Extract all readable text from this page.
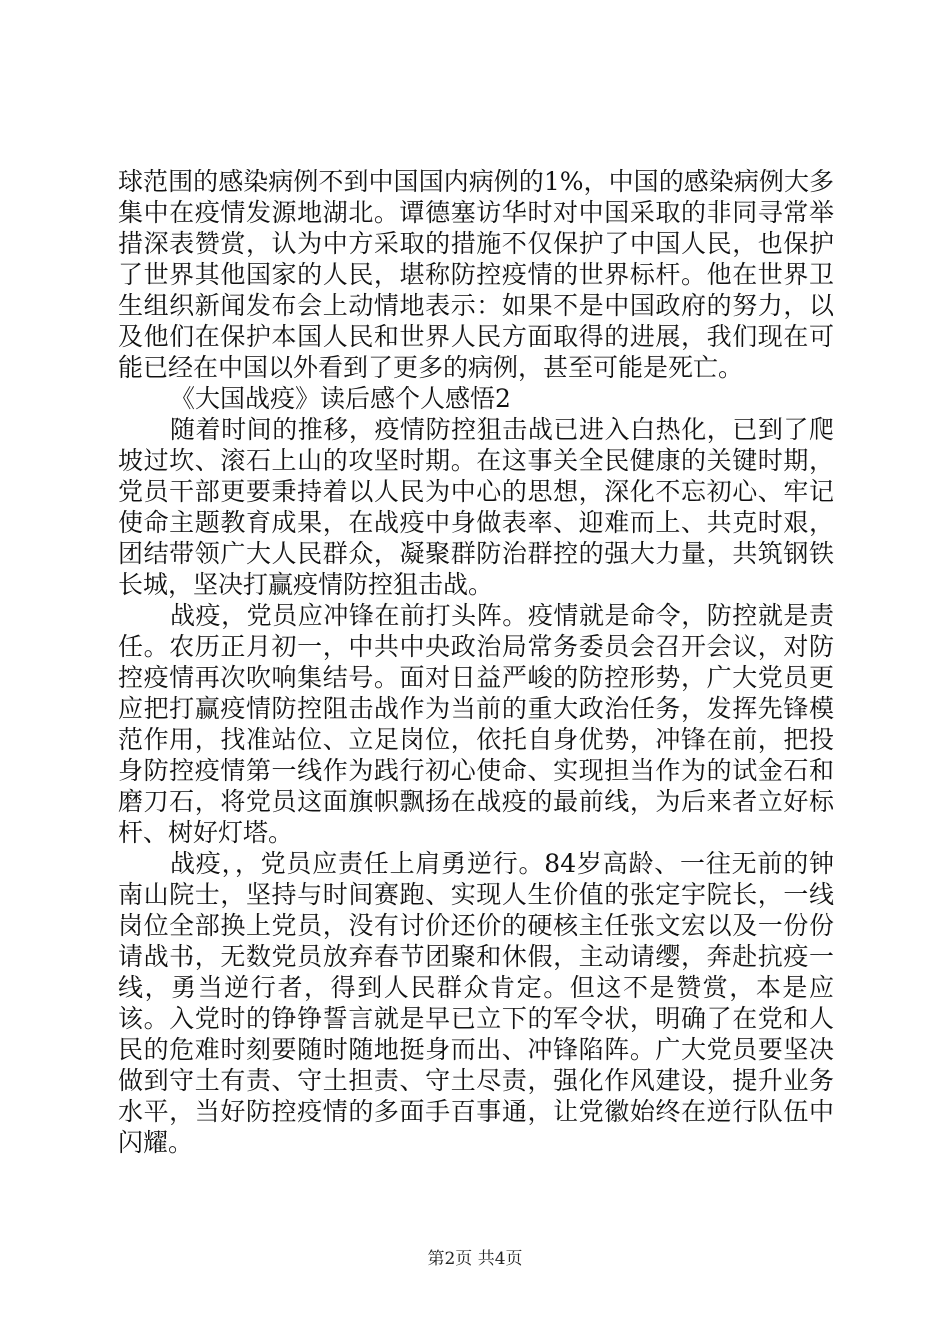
球范围的感染病例不到中国国内病例的1%，中国的感染病例大多集中在疫情发源地湖北。谭德塞访华时对中国采取的非同寻常举措深表赞赏，认为中方采取的措施不仅保护了中国人民，也保护了世界其他国家的人民，堪称防控疫情的世界标杆。他在世界卫生组织新闻发布会上动情地表示：如果不是中国政府的努力，以及他们在保护本国人民和世界人民方面取得的进展，我们现在可能已经在中国以外看到了更多的病例，甚至可能是死亡。

《大国战疫》读后感个人感悟2

随着时间的推移，疫情防控狙击战已进入白热化，已到了爬坡过坎、滚石上山的攻坚时期。在这事关全民健康的关键时期，党员干部更要秉持着以人民为中心的思想，深化不忘初心、牢记使命主题教育成果，在战疫中身做表率、迎难而上、共克时艰，团结带领广大人民群众，凝聚群防治群控的强大力量，共筑钢铁长城，坚决打赢疫情防控狙击战。

战疫，党员应冲锋在前打头阵。疫情就是命令，防控就是责任。农历正月初一，中共中央政治局常务委员会召开会议，对防控疫情再次吹响集结号。面对日益严峻的防控形势，广大党员更应把打赢疫情防控阻击战作为当前的重大政治任务，发挥先锋模范作用，找准站位、立足岗位，依托自身优势，冲锋在前，把投身防控疫情第一线作为践行初心使命、实现担当作为的试金石和磨刀石，将党员这面旗帜飘扬在战疫的最前线，为后来者立好标杆、树好灯塔。

战疫，，党员应责任上肩勇逆行。84岁高龄、一往无前的钟南山院士，坚持与时间赛跑、实现人生价值的张定宇院长，一线岗位全部换上党员，没有讨价还价的硬核主任张文宏以及一份份请战书，无数党员放弃春节团聚和休假，主动请缨，奔赴抗疫一线，勇当逆行者，得到人民群众肯定。但这不是赞赏，本是应该。入党时的铮铮誓言就是早已立下的军令状，明确了在党和人民的危难时刻要随时随地挺身而出、冲锋陷阵。广大党员要坚决做到守土有责、守土担责、守土尽责，强化作风建设，提升业务水平，当好防控疫情的多面手百事通，让党徽始终在逆行队伍中闪耀。

第2页 共4页
